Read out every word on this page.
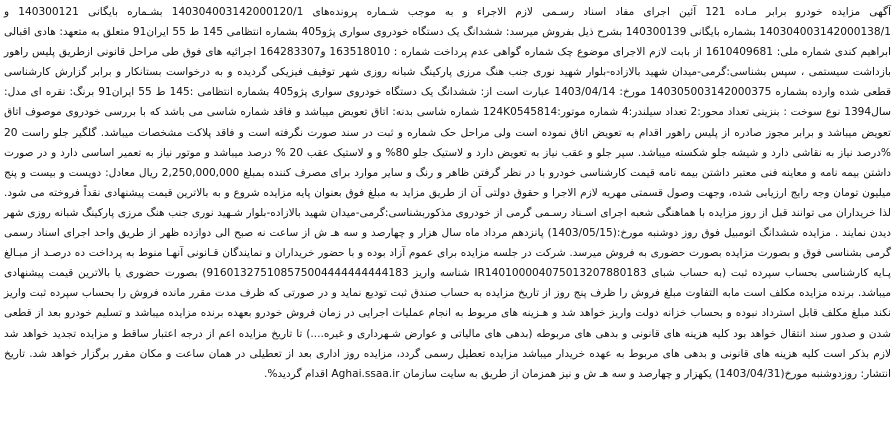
آگهی مزایده خودرو برابر مـاده 121 آئین اجرای مفاد اسناد رسـمی لازم الاجراء و به موجب شـماره پرونده‌های 140304003142000120/1 بشـماره بایگانی 140300121 و 140304003142000138/1 بشماره بایگانی 140300139 بشرح ذیل بفروش میرسد: ششدانگ یک دستگاه خودروی سواری پژو405 بشماره انتظامی 145 ط 55 ایران91 متعلق به متعهد: هادی اقبالی ابراهیم کندی شماره ملی: 1610409681 از بابت لازم الاجرای موضوع چک شماره گواهی عدم پرداخت شماره : 163518010 و164283307 اجرائیه های فوق طی مراحل قانونی ازطریق پلیس راهور بازداشت سیستمی ، سپس بشناسی:گرمی-میدان شهید بالازاده-بلوار شهید نوری جنب هنگ مرزی پارکینگ شبانه روزی شهر توقیف فیزیکی گردیده و به درخواست بستانکار و برابر گزارش کارشناسی قطعی شده وارده بشماره 140305003142000375 مورخ: 1403/04/14 عبارت است از: ششدانگ یک دستگاه خودروی سواری پژو405 بشماره انتظامی :145 ط 55 ایران91 برنگ: نقره ای مدل: سال1394 نوع سوخت : بنزینی تعداد محور:2 تعداد سیلندر:4 شماره موتور:124K0545814 شماره شاسی بدنه: اتاق تعویض میباشد و فاقد شماره شاسی می باشد که با بررسی خودروی موصوف اتاق تعویض میباشد و برابر مجوز صادره از پلیس راهور اقدام به تعویض اتاق نموده است ولی مراحل حک شماره و ثبت در سند صورت نگرفته است و فاقد پلاکت مشخصات میباشد. گلگیر جلو راست 20 %درصد نیاز به نقاشی دارد و شیشه جلو شکسته میباشد. سپر جلو و عقب نیاز به تعویض دارد و لاستیک جلو 80% و و لاستیک عقب 20 % درصد میباشد و موتور نیاز به تعمیر اساسی دارد و در صورت داشتن بیمه نامه و معاینه فنی معتبر داشتن بیمه نامه قیمت کارشناسی خودرو با در نظر گرفتن ظاهر و رنگ و سایر موارد برای مصرف کننده بمبلغ 2,250,000,000 ریال معادل: دویست و بیست و پنج میلیون تومان وجه رایج ارزیابی شده، وجهت وصول قسمتی مهریه لازم الاجرا و حقوق دولتی آن از طریق مزاید به مبلغ فوق بعنوان پایه مزایده شروع و به بالاترین قیمت پیشنهادی نقداً فروخته می شود. لذا خریداران می توانند قبل از روز مزایده با هماهنگی شعبه اجرای اسـناد رسـمی گرمی از خودروی مذکوربشناسی:گرمی-میدان شهید بالازاده-بلوار شـهید نوری جنب هنگ مرزی پارکینگ شبانه روزی شهر دیدن نمایند . مزایده ششدانگ اتومبیل فوق روز دوشنبه مورخ:(1403/05/15) پانزدهم مرداد ماه سال هزار و چهارصد و سه هـ ش از ساعت نه صبح الی دوازده ظهر از طریق واحد اجرای اسناد رسمی گرمی بشناسی فوق و بصورت مزایده بصورت حضوری به فروش میرسد. شرکت در جلسه مزایده برای عموم آزاد بوده و با حضور خریداران و نمایندگان قـانونی آنهـا منوط به پرداخت ده درصـد از مبـالغ پـایه کارشناسی بحساب سپرده ثبت (به حساب شبای IR140100004075013207880183 شناسه واریز 916013275108575004444444444183) بصورت حضوری یا بالاترین قیمت پیشنهادی میباشد. برنده مزایده مکلف است مابه التفاوت مبلغ فروش را ظرف پنج روز از تاریخ مزایده به حساب صندق ثبت تودیع نماید و در صورتی که ظرف مدت مقرر مانده فروش را بحساب سپرده ثبت واریز نکند مبلغ مکلف قابل استرداد نبوده و بحساب خزانه دولت واریز خواهد شد و هـزینه های مربوط به انجام عملیات اجرایی در زمان فروش خودرو بعهده برنده مزایده میباشد و تسلیم خودرو بعد از قطعی شدن و صدور سند انتقال خواهد بود کلیه هزینه های قانونی و بدهی های مربوطه (بدهی های مالیاتی و عوارض شـهرداری و غیره....) تا تاریخ مزایده اعم از درجه اعتبار ساقط و مزایده تجدید خواهد شد لازم بذکر است کلیه هزینه های قانونی و بدهی های مربوط به عهده خریدار میباشد مزایده تعطیل رسمی گردد، مزایده روز اداری بعد از تعطیلی در همان ساعت و مکان مقرر برگزار خواهد شد. تاریخ انتشار: روزدوشنبه مورخ(1403/04/31) یکهزار و چهارصد و سه هـ ش و نیز همزمان از طریق به سایت سازمان Aghai.ssaa.ir اقدام گردید%.
